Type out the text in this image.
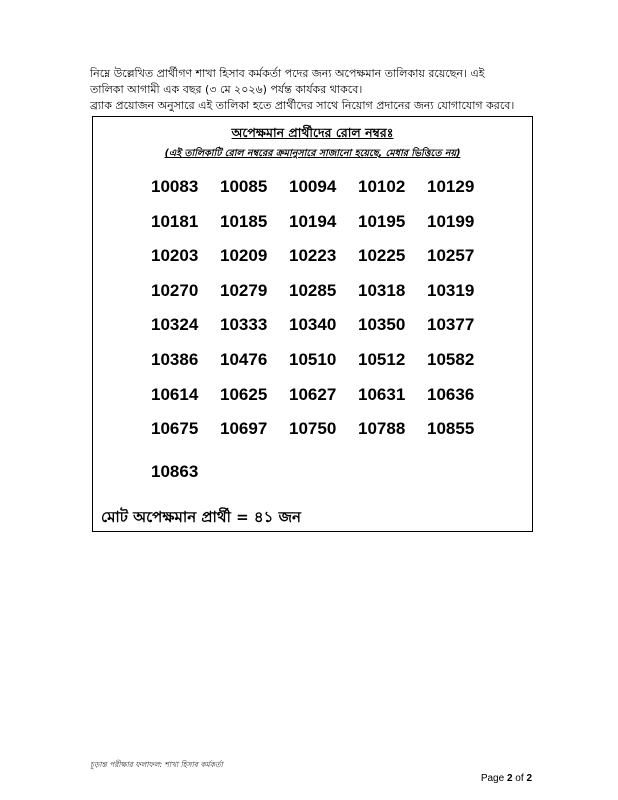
নিম্নে উল্লেখিত প্রার্থীগণ শাখা হিসাব কর্মকর্তা পদের জন্য অপেক্ষমান তালিকায় রয়েছেন। এই

তালিকা আগামী এক বছর (৩ মে ২০২৬) পর্যন্ত কার্যকর থাকবে।

ব্র্যাক প্রয়োজন অনুসারে এই তালিকা হতে প্রার্থীদের সাথে নিয়োগ প্রদানের জন্য যোগাযোগ করবে।

অপেক্ষমান প্রার্থীদের রোল নম্বরঃ

(এই তালিকাটি রোল নম্বরের ক্রমানুসারে সাজানো হয়েছে, মেধার ভিত্তিতে নয়)

10083	10085	10094	10102	10129
10181	10185	10194	10195	10199
10203	10209	10223	10225	10257
10270	10279	10285	10318	10319
10324	10333	10340	10350	10377
10386	10476	10510	10512	10582
10614	10625	10627	10631	10636
10675	10697	10750	10788	10855
10863

মোট অপেক্ষমান প্রার্থী = ৪১ জন

চূড়ান্ত পরীক্ষার ফলাফল: শাখা হিসাব কর্মকর্তা

Page 2 of 2
